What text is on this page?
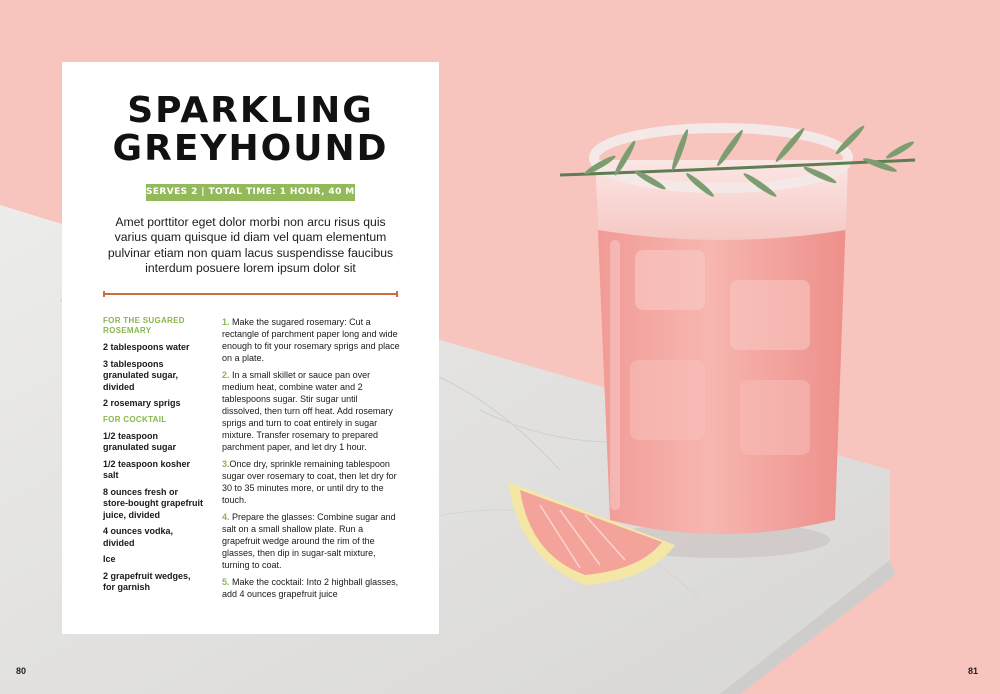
SPARKLING
GREYHOUND
SERVES 2 | TOTAL TIME: 1 HOUR, 40 MINS
Amet porttitor eget dolor morbi non arcu risus quis varius quam quisque id diam vel quam elementum pulvinar etiam non quam lacus suspendisse faucibus interdum posuere lorem ipsum dolor sit
FOR THE SUGARED ROSEMARY
2 tablespoons water
3 tablespoons granulated sugar, divided
2 rosemary sprigs
FOR COCKTAIL
1/2 teaspoon granulated sugar
1/2 teaspoon kosher salt
8 ounces fresh or store-bought grapefruit juice, divided
4 ounces vodka, divided
Ice
2 grapefruit wedges, for garnish

1. Make the sugared rosemary: Cut a rectangle of parchment paper long and wide enough to fit your rosemary sprigs and place on a plate.

2. In a small skillet or sauce pan over medium heat, combine water and 2 tablespoons sugar. Stir sugar until dissolved, then turn off heat. Add rosemary sprigs and turn to coat entirely in sugar mixture. Transfer rosemary to prepared parchment paper, and let dry 1 hour.

3.Once dry, sprinkle remaining tablespoon sugar over rosemary to coat, then let dry for 30 to 35 minutes more, or until dry to the touch.

4. Prepare the glasses: Combine sugar and salt on a small shallow plate. Run a grapefruit wedge around the rim of the glasses, then dip in sugar-salt mixture, turning to coat.

5. Make the cocktail: Into 2 highball glasses, add 4 ounces grapefruit juice

80	81
